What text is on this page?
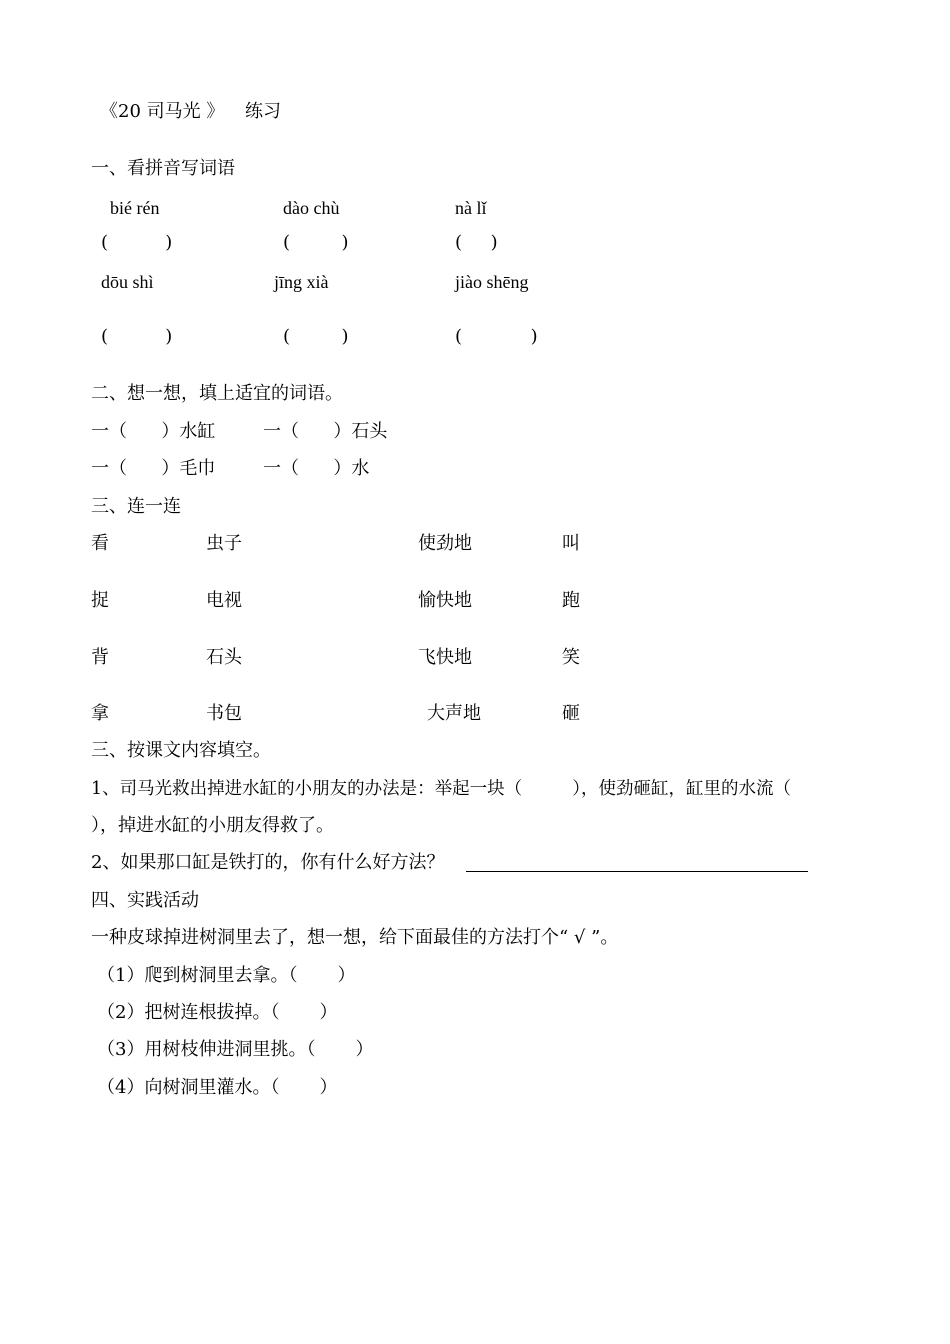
《20 司马光 》 练习
一、看拼音写词语
bié rén	dào chù	nà lǐ
(          )	(         )	(     )
dōu shì	jīng xià	jiào shēng
(          )	(         )	(            )
二、想一想，填上适宜的词语。
一（      ）水缸	一（      ）石头
一（      ）毛巾	一（      ）水
三、连一连
看	虫子	使劲地	叫
捉	电视	愉快地	跑
背	石头	飞快地	笑
拿	书包	大声地	砸
三、按课文内容填空。
1、司马光救出掉进水缸的小朋友的办法是：举起一块（         ），使劲砸缸，缸里的水流（
），掉进水缸的小朋友得救了。
2、如果那口缸是铁打的，你有什么好方法？
四、实践活动
一种皮球掉进树洞里去了，想一想，给下面最佳的方法打个“ √ ”。
（1）爬到树洞里去拿。（       ）
（2）把树连根拔掉。（       ）
（3）用树枝伸进洞里挑。（       ）
（4）向树洞里灌水。（       ）
